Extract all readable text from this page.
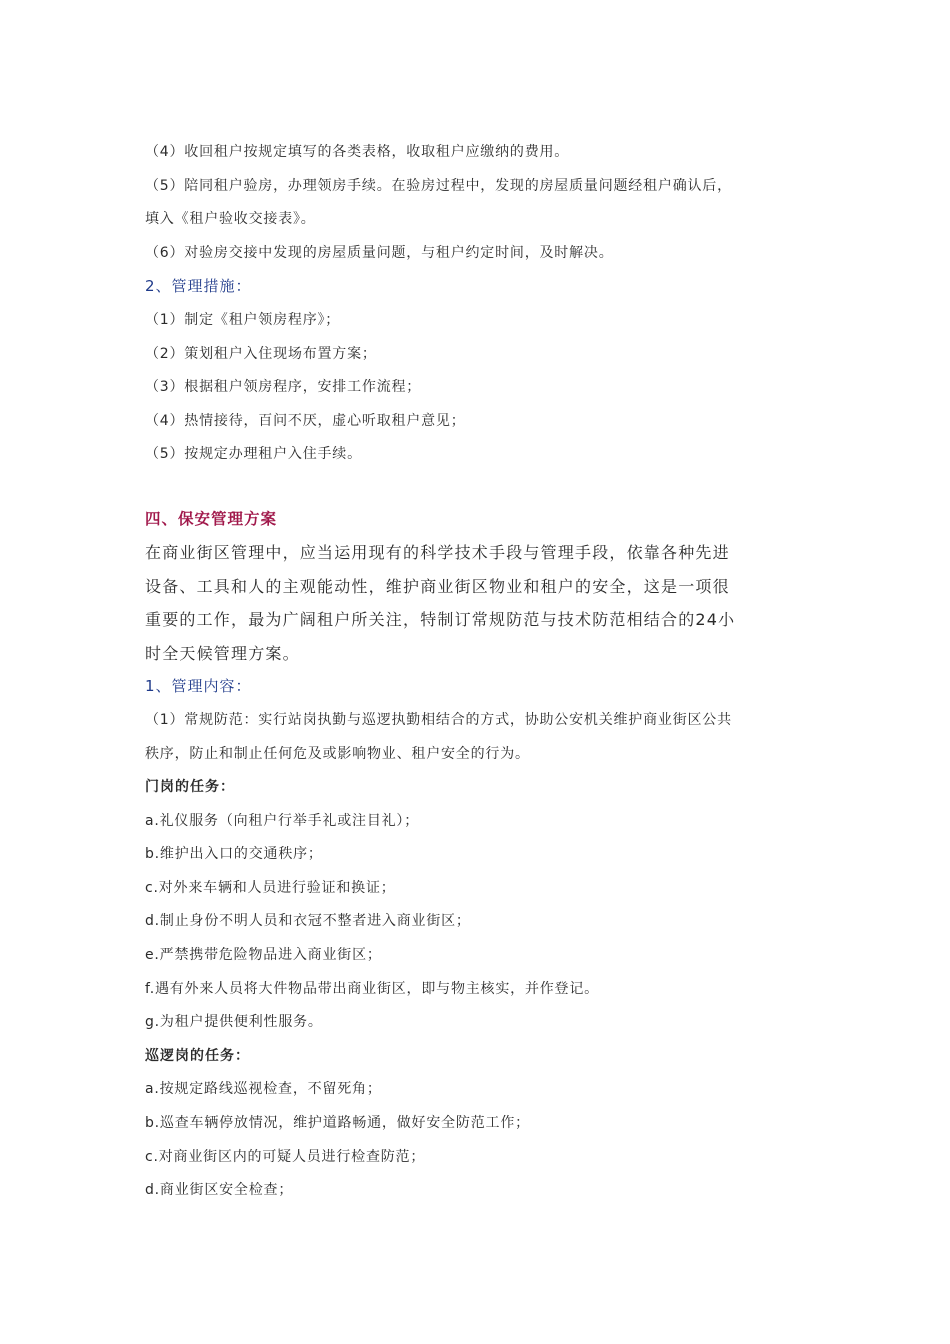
（4）收回租户按规定填写的各类表格，收取租户应缴纳的费用。
（5）陪同租户验房，办理领房手续。在验房过程中，发现的房屋质量问题经租户确认后，
填入《租户验收交接表》。
（6）对验房交接中发现的房屋质量问题，与租户约定时间，及时解决。
2、管理措施：
（1）制定《租户领房程序》；
（2）策划租户入住现场布置方案；
（3）根据租户领房程序，安排工作流程；
（4）热情接待，百问不厌，虚心听取租户意见；
（5）按规定办理租户入住手续。
四、保安管理方案
在商业街区管理中，应当运用现有的科学技术手段与管理手段，依靠各种先进
设备、工具和人的主观能动性，维护商业街区物业和租户的安全，这是一项很
重要的工作，最为广阔租户所关注，特制订常规防范与技术防范相结合的24小
时全天候管理方案。
1、管理内容：
（1）常规防范：实行站岗执勤与巡逻执勤相结合的方式，协助公安机关维护商业街区公共
秩序，防止和制止任何危及或影响物业、租户安全的行为。
门岗的任务：
a.礼仪服务（向租户行举手礼或注目礼）；
b.维护出入口的交通秩序；
c.对外来车辆和人员进行验证和换证；
d.制止身份不明人员和衣冠不整者进入商业街区；
e.严禁携带危险物品进入商业街区；
f.遇有外来人员将大件物品带出商业街区，即与物主核实，并作登记。
g.为租户提供便利性服务。
巡逻岗的任务：
a.按规定路线巡视检查，不留死角；
b.巡查车辆停放情况，维护道路畅通，做好安全防范工作；
c.对商业街区内的可疑人员进行检查防范；
d.商业街区安全检查；
